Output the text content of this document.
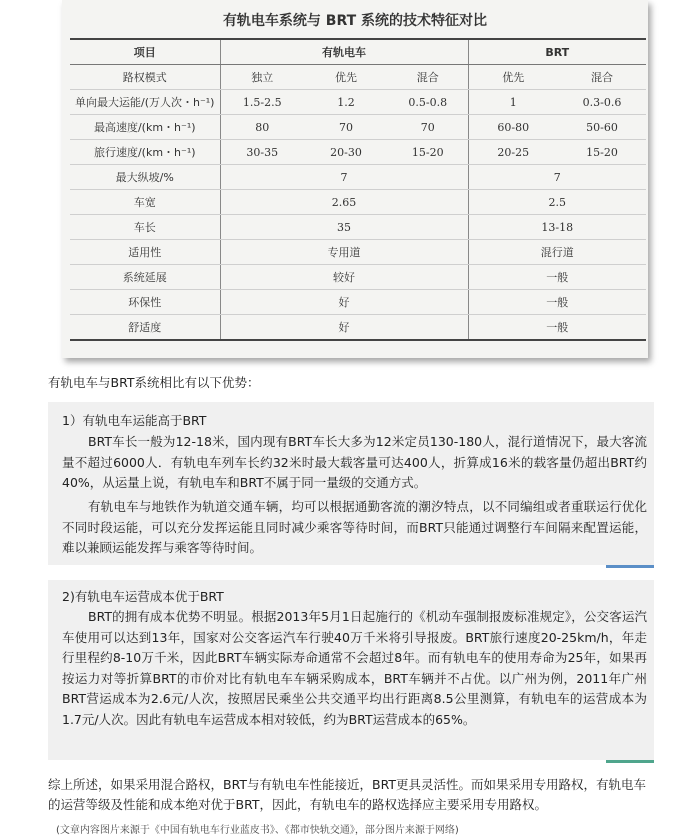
有轨电车系统与 BRT 系统的技术特征对比
项目	有轨电车			BRT	
路权模式	独立	优先	混合	优先	混合
单向最大运能/(万人次・h⁻¹)	1.5-2.5	1.2	0.5-0.8	1	0.3-0.6
最高速度/(km・h⁻¹)	80	70	70	60-80	50-60
旅行速度/(km・h⁻¹)	30-35	20-30	15-20	20-25	15-20
最大纵坡/%	7			7	
车宽	2.65			2.5	
车长	35			13-18	
适用性	专用道			混行道	
系统延展	较好			一般	
环保性	好			一般	
舒适度	好			一般	
有轨电车与BRT系统相比有以下优势：
1）有轨电车运能高于BRT
BRT车长一般为12-18米，国内现有BRT车长大多为12米定员130-180人，混行道情况下，最大客流量不超过6000人．有轨电车列车长约32米时最大载客量可达400人，折算成16米的载客量仍超出BRT约40%，从运量上说，有轨电车和BRT不属于同一量级的交通方式。
有轨电车与地铁作为轨道交通车辆，均可以根据通勤客流的潮汐特点，以不同编组或者重联运行优化不同时段运能，可以充分发挥运能且同时减少乘客等待时间，而BRT只能通过调整行车间隔来配置运能，难以兼顾运能发挥与乘客等待时间。
2)有轨电车运营成本优于BRT
BRT的拥有成本优势不明显。根据2013年5月1日起施行的《机动车强制报废标准规定》，公交客运汽车使用可以达到13年，国家对公交客运汽车行驶40万千米将引导报废。BRT旅行速度20-25km/h，年走行里程约8-10万千米，因此BRT车辆实际寿命通常不会超过8年。而有轨电车的使用寿命为25年，如果再按运力对等折算BRT的市价对比有轨电车车辆采购成本，BRT车辆并不占优。以广州为例，2011年广州BRT营运成本为2.6元/人次，按照居民乘坐公共交通平均出行距离8.5公里测算，有轨电车的运营成本为1.7元/人次。因此有轨电车运营成本相对较低，约为BRT运营成本的65%。
综上所述，如果采用混合路权，BRT与有轨电车性能接近，BRT更具灵活性。而如果采用专用路权，有轨电车的运营等级及性能和成本绝对优于BRT，因此，有轨电车的路权选择应主要采用专用路权。
(文章内容图片来源于《中国有轨电车行业蓝皮书》、《都市快轨交通》，部分图片来源于网络)
